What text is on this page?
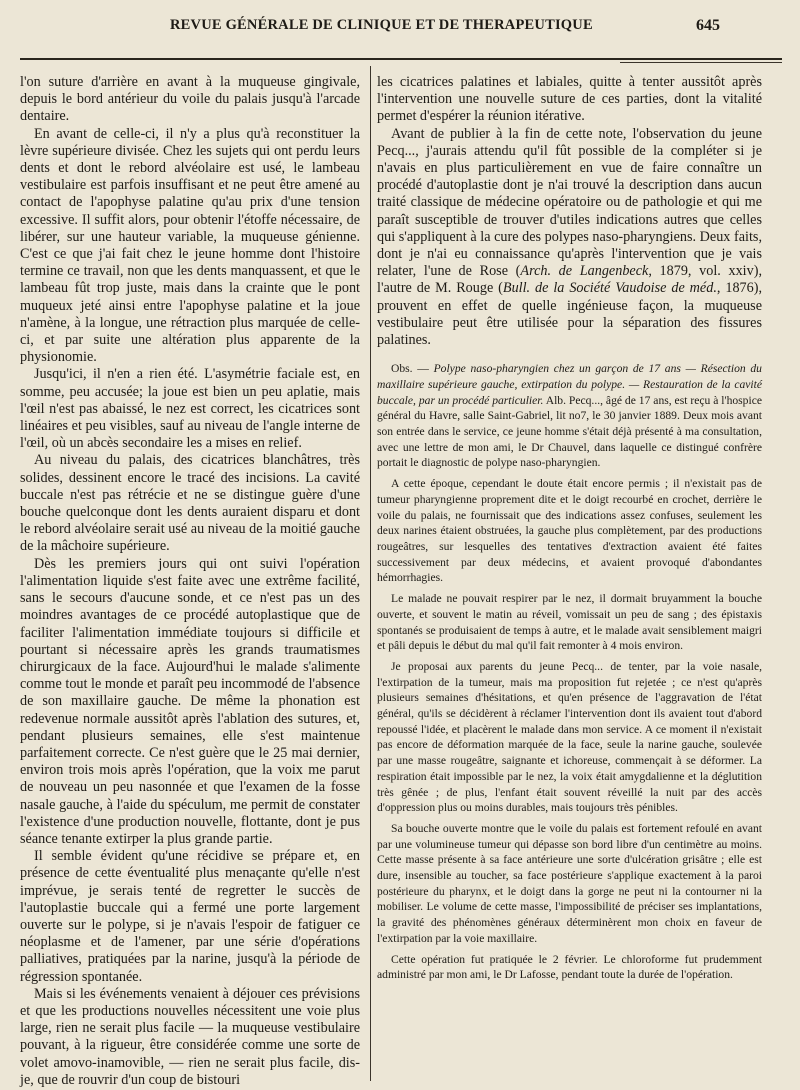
REVUE GÉNÉRALE DE CLINIQUE ET DE THERAPEUTIQUE	645

l'on suture d'arrière en avant à la muqueuse gingivale, depuis le bord antérieur du voile du palais jusqu'à l'arcade dentaire.

En avant de celle-ci, il n'y a plus qu'à reconstituer la lèvre supérieure divisée. Chez les sujets qui ont perdu leurs dents et dont le rebord alvéolaire est usé, le lambeau vestibulaire est parfois insuffisant et ne peut être amené au contact de l'apophyse palatine qu'au prix d'une tension excessive. Il suffit alors, pour obtenir l'étoffe nécessaire, de libérer, sur une hauteur variable, la muqueuse génienne. C'est ce que j'ai fait chez le jeune homme dont l'histoire termine ce travail, non que les dents manquassent, et que le lambeau fût trop juste, mais dans la crainte que le pont muqueux jeté ainsi entre l'apophyse palatine et la joue n'amène, à la longue, une rétraction plus marquée de celle-ci, et par suite une altération plus apparente de la physionomie.

Jusqu'ici, il n'en a rien été. L'asymétrie faciale est, en somme, peu accusée; la joue est bien un peu aplatie, mais l'œil n'est pas abaissé, le nez est correct, les cicatrices sont linéaires et peu visibles, sauf au niveau de l'angle interne de l'œil, où un abcès secondaire les a mises en relief.

Au niveau du palais, des cicatrices blanchâtres, très solides, dessinent encore le tracé des incisions. La cavité buccale n'est pas rétrécie et ne se distingue guère d'une bouche quelconque dont les dents auraient disparu et dont le rebord alvéolaire serait usé au niveau de la moitié gauche de la mâchoire supérieure.

Dès les premiers jours qui ont suivi l'opération l'alimentation liquide s'est faite avec une extrême facilité, sans le secours d'aucune sonde, et ce n'est pas un des moindres avantages de ce procédé autoplastique que de faciliter l'alimentation immédiate toujours si difficile et pourtant si nécessaire après les grands traumatismes chirurgicaux de la face. Aujourd'hui le malade s'alimente comme tout le monde et paraît peu incommodé de l'absence de son maxillaire gauche. De même la phonation est redevenue normale aussitôt après l'ablation des sutures, et, pendant plusieurs semaines, elle s'est maintenue parfaitement correcte. Ce n'est guère que le 25 mai dernier, environ trois mois après l'opération, que la voix me parut de nouveau un peu nasonnée et que l'examen de la fosse nasale gauche, à l'aide du spéculum, me permit de constater l'existence d'une production nouvelle, flottante, dont je pus séance tenante extirper la plus grande partie.

Il semble évident qu'une récidive se prépare et, en présence de cette éventualité plus menaçante qu'elle n'est imprévue, je serais tenté de regretter le succès de l'autoplastie buccale qui a fermé une porte largement ouverte sur le polype, si je n'avais l'espoir de fatiguer ce néoplasme et de l'amener, par une série d'opérations palliatives, pratiquées par la narine, jusqu'à la période de régression spontanée.

Mais si les événements venaient à déjouer ces prévisions et que les productions nouvelles nécessitent une voie plus large, rien ne serait plus facile — la muqueuse vestibulaire pouvant, à la rigueur, être considérée comme une sorte de volet amovo-inamovible, — rien ne serait plus facile, dis-je, que de rouvrir d'un coup de bistouri

les cicatrices palatines et labiales, quitte à tenter aussitôt après l'intervention une nouvelle suture de ces parties, dont la vitalité permet d'espérer la réunion itérative.

Avant de publier à la fin de cette note, l'observation du jeune Pecq..., j'aurais attendu qu'il fût possible de la compléter si je n'avais en plus particulièrement en vue de faire connaître un procédé d'autoplastie dont je n'ai trouvé la description dans aucun traité classique de médecine opératoire ou de pathologie et qui me paraît susceptible de trouver d'utiles indications autres que celles qui s'appliquent à la cure des polypes naso-pharyngiens. Deux faits, dont je n'ai eu connaissance qu'après l'intervention que je vais relater, l'une de Rose (Arch. de Langenbeck, 1879, vol. xxiv), l'autre de M. Rouge (Bull. de la Société Vaudoise de méd., 1876), prouvent en effet de quelle ingénieuse façon, la muqueuse vestibulaire peut être utilisée pour la séparation des fissures palatines.

Obs. — Polype naso-pharyngien chez un garçon de 17 ans — Résection du maxillaire supérieure gauche, extirpation du polype. — Restauration de la cavité buccale, par un procédé particulier. Alb. Pecq..., âgé de 17 ans, est reçu à l'hospice général du Havre, salle Saint-Gabriel, lit no7, le 30 janvier 1889. Deux mois avant son entrée dans le service, ce jeune homme s'était déjà présenté à ma consultation, avec une lettre de mon ami, le Dr Chauvel, dans laquelle ce distingué confrère portait le diagnostic de polype naso-pharyngien.

A cette époque, cependant le doute était encore permis ; il n'existait pas de tumeur pharyngienne proprement dite et le doigt recourbé en crochet, derrière le voile du palais, ne fournissait que des indications assez confuses, seulement les deux narines étaient obstruées, la gauche plus complètement, par des productions rougeâtres, sur lesquelles des tentatives d'extraction avaient été faites successivement par deux médecins, et avaient provoqué d'abondantes hémorrhagies.

Le malade ne pouvait respirer par le nez, il dormait bruyamment la bouche ouverte, et souvent le matin au réveil, vomissait un peu de sang ; des épistaxis spontanés se produisaient de temps à autre, et le malade avait sensiblement maigri et pâli depuis le début du mal qu'il fait remonter à 4 mois environ.

Je proposai aux parents du jeune Pecq... de tenter, par la voie nasale, l'extirpation de la tumeur, mais ma proposition fut rejetée ; ce n'est qu'après plusieurs semaines d'hésitations, et qu'en présence de l'aggravation de l'état général, qu'ils se décidèrent à réclamer l'intervention dont ils avaient tout d'abord repoussé l'idée, et placèrent le malade dans mon service. A ce moment il n'existait pas encore de déformation marquée de la face, seule la narine gauche, soulevée par une masse rougeâtre, saignante et ichoreuse, commençait à se déformer. La respiration était impossible par le nez, la voix était amygdalienne et la déglutition très gênée ; de plus, l'enfant était souvent réveillé la nuit par des accès d'oppression plus ou moins durables, mais toujours très pénibles.

Sa bouche ouverte montre que le voile du palais est fortement refoulé en avant par une volumineuse tumeur qui dépasse son bord libre d'un centimètre au moins. Cette masse présente à sa face antérieure une sorte d'ulcération grisâtre ; elle est dure, insensible au toucher, sa face postérieure s'applique exactement à la paroi postérieure du pharynx, et le doigt dans la gorge ne peut ni la contourner ni la mobiliser. Le volume de cette masse, l'impossibilité de préciser ses implantations, la gravité des phénomènes généraux déterminèrent mon choix en faveur de l'extirpation par la voie maxillaire.

Cette opération fut pratiquée le 2 février. Le chloroforme fut prudemment administré par mon ami, le Dr Lafosse, pendant toute la durée de l'opération.
